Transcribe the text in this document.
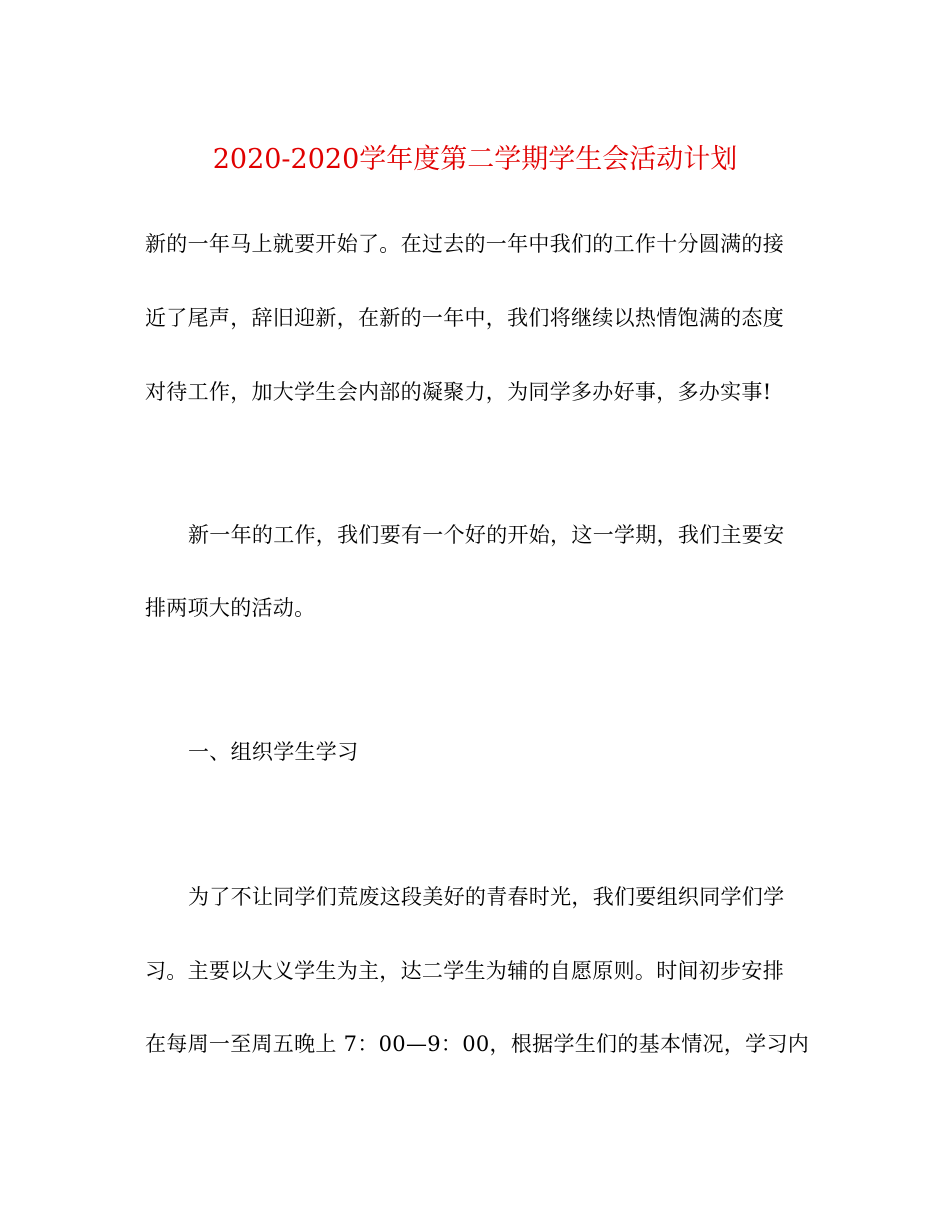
2020-2020学年度第二学期学生会活动计划
新的一年马上就要开始了。在过去的一年中我们的工作十分圆满的接
近了尾声，辞旧迎新，在新的一年中，我们将继续以热情饱满的态度
对待工作，加大学生会内部的凝聚力，为同学多办好事，多办实事!
新一年的工作，我们要有一个好的开始，这一学期，我们主要安
排两项大的活动。
一、组织学生学习
为了不让同学们荒废这段美好的青春时光，我们要组织同学们学
习。主要以大义学生为主，达二学生为辅的自愿原则。时间初步安排
在每周一至周五晚上 7：00—9：00，根据学生们的基本情况，学习内
